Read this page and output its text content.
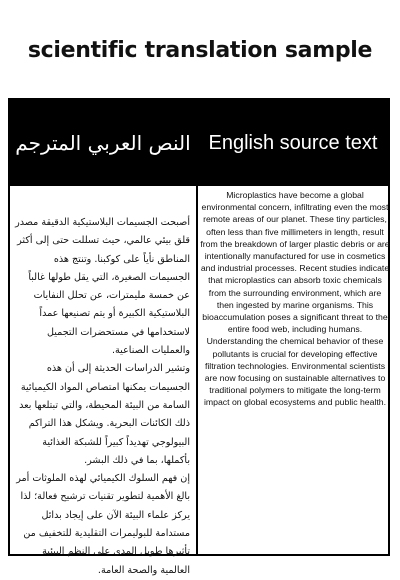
scientific translation sample
النص العربي المترجم English source text
أصبحت الجسيمات البلاستيكية الدقيقة مصدر قلق بيئي عالمي، حيث تسللت حتى إلى أكثر المناطق نأياً على كوكبنا. وتنتج هذه الجسيمات الصغيرة، التي يقل طولها غالباً عن خمسة مليمترات، عن تحلل النفايات البلاستيكية الكبيرة أو يتم تصنيعها عمداً لاستخدامها في مستحضرات التجميل والعمليات الصناعية.
وتشير الدراسات الحديثة إلى أن هذه الجسيمات يمكنها امتصاص المواد الكيميائية السامة من البيئة المحيطة، والتي تبتلعها بعد ذلك الكائنات البحرية. ويشكل هذا التراكم البيولوجي تهديداً كبيراً للشبكة الغذائية بأكملها، بما في ذلك البشر.
إن فهم السلوك الكيميائي لهذه الملوثات أمر بالغ الأهمية لتطوير تقنيات ترشيح فعالة؛ لذا يركز علماء البيئة الآن على إيجاد بدائل مستدامة للبوليمرات التقليدية للتخفيف من تأثيرها طويل المدى على النظم البيئية العالمية والصحة العامة.
Microplastics have become a global environmental concern, infiltrating even the most remote areas of our planet. These tiny particles, often less than five millimeters in length, result from the breakdown of larger plastic debris or are intentionally manufactured for use in cosmetics and industrial processes. Recent studies indicate that microplastics can absorb toxic chemicals from the surrounding environment, which are then ingested by marine organisms. This bioaccumulation poses a significant threat to the entire food web, including humans. Understanding the chemical behavior of these pollutants is crucial for developing effective filtration technologies. Environmental scientists are now focusing on sustainable alternatives to traditional polymers to mitigate the long-term impact on global ecosystems and public health.
